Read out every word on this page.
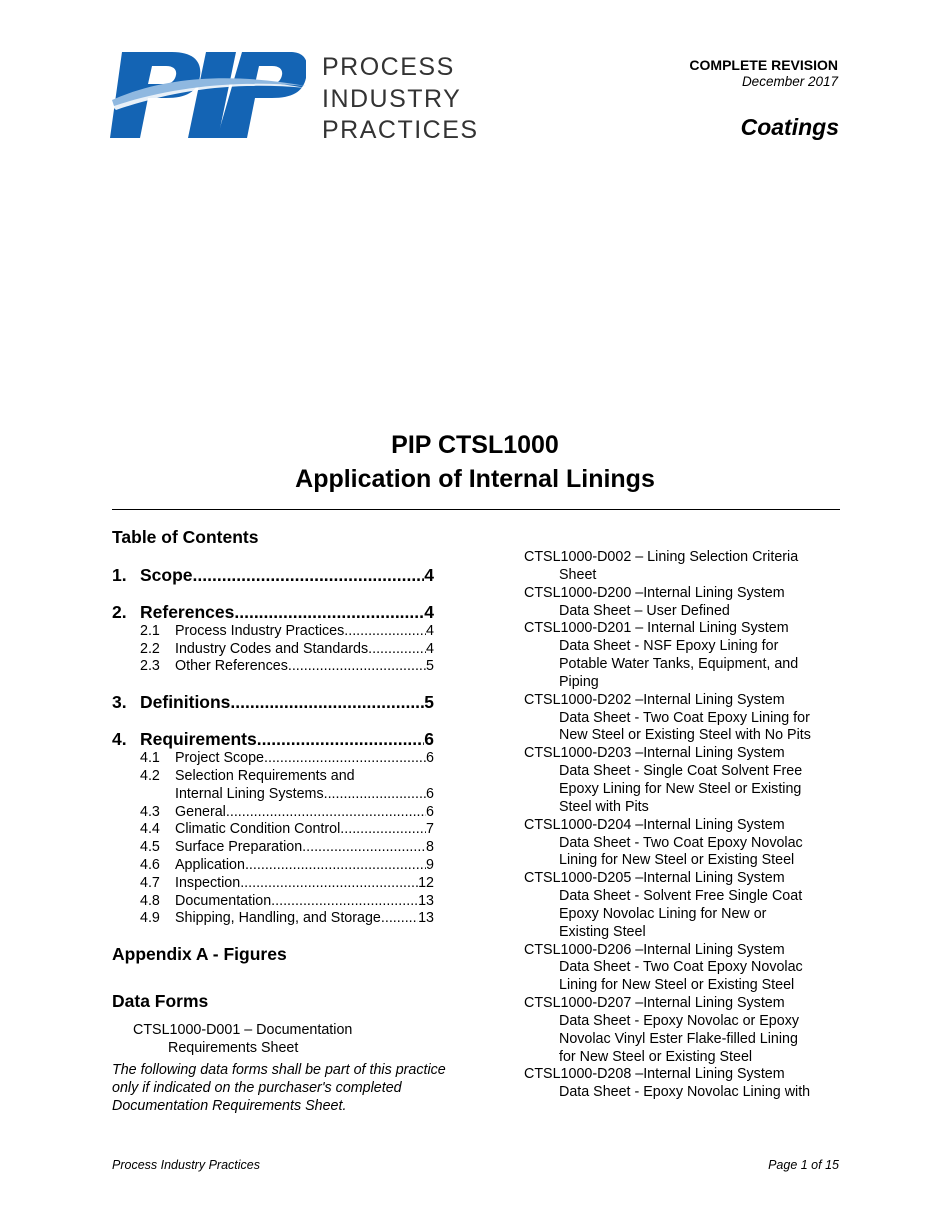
PROCESS
INDUSTRY
PRACTICES
COMPLETE REVISION
December 2017
Coatings
PIP CTSL1000
Application of Internal Linings
Table of Contents
1. Scope .....	4
2. References .....	4
2.1	Process Industry Practices .....	4
2.2	Industry Codes and Standards .....	4
2.3	Other References .....	5
3. Definitions .....	5
4. Requirements .....	6
4.1	Project Scope .....	6
4.2	Selection Requirements and
Internal Lining Systems .....	6
4.3	General .....	6
4.4	Climatic Condition Control .....	7
4.5	Surface Preparation .....	8
4.6	Application .....	9
4.7	Inspection .....	12
4.8	Documentation .....	13
4.9	Shipping, Handling, and Storage .....	13
Appendix A - Figures
Data Forms
CTSL1000-D001 – Documentation
Requirements Sheet
The following data forms shall be part of this practice only if indicated on the purchaser's completed Documentation Requirements Sheet.
CTSL1000-D002 – Lining Selection Criteria
Sheet
CTSL1000-D200 –Internal Lining System
Data Sheet – User Defined
CTSL1000-D201 – Internal Lining System
Data Sheet - NSF Epoxy Lining for
Potable Water Tanks, Equipment, and
Piping
CTSL1000-D202 –Internal Lining System
Data Sheet - Two Coat Epoxy Lining for
New Steel or Existing Steel with No Pits
CTSL1000-D203 –Internal Lining System
Data Sheet - Single Coat Solvent Free
Epoxy Lining for New Steel or Existing
Steel with Pits
CTSL1000-D204 –Internal Lining System
Data Sheet - Two Coat Epoxy Novolac
Lining for New Steel or Existing Steel
CTSL1000-D205 –Internal Lining System
Data Sheet - Solvent Free Single Coat
Epoxy Novolac Lining for New or
Existing Steel
CTSL1000-D206 –Internal Lining System
Data Sheet - Two Coat Epoxy Novolac
Lining for New Steel or Existing Steel
CTSL1000-D207 –Internal Lining System
Data Sheet - Epoxy Novolac or Epoxy
Novolac Vinyl Ester Flake-filled Lining
for New Steel or Existing Steel
CTSL1000-D208 –Internal Lining System
Data Sheet - Epoxy Novolac Lining with
Process Industry Practices	Page 1 of 15
